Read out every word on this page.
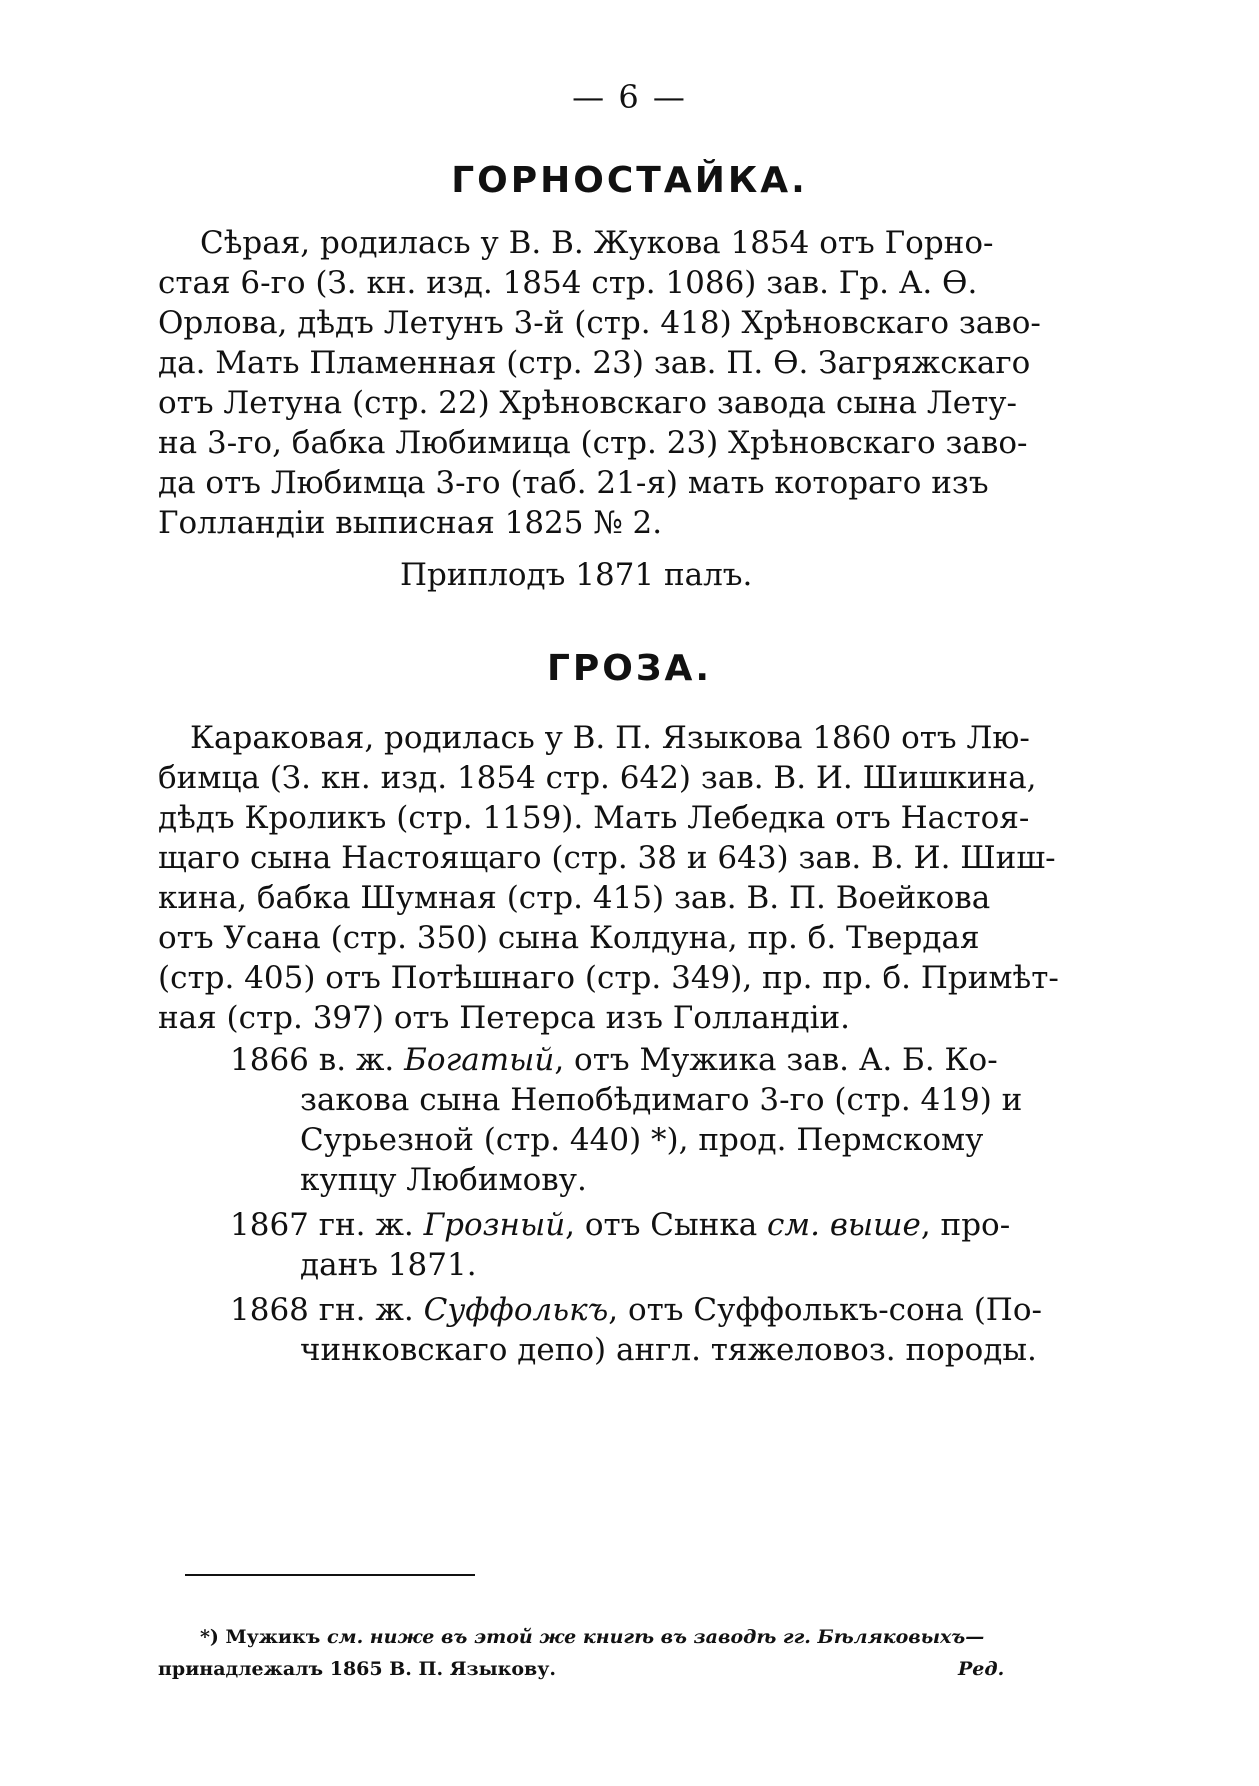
— 6 —
ГОРНОСТАЙКА.
Сѣрая, родилась у В. В. Жукова 1854 отъ Горно-
стая 6-го (З. кн. изд. 1854 стр. 1086) зав. Гр. А. Ѳ.
Орлова, дѣдъ Летунъ 3-й (стр. 418) Хрѣновскаго заво-
да. Мать Пламенная (стр. 23) зав. П. Ѳ. Загряжскаго
отъ Летуна (стр. 22) Хрѣновскаго завода сына Лету-
на 3-го, бабка Любимица (стр. 23) Хрѣновскаго заво-
да отъ Любимца 3-го (таб. 21-я) мать котораго изъ
Голландіи выписная 1825 № 2.
Приплодъ 1871 палъ.
ГРОЗА.
Караковая, родилась у В. П. Языкова 1860 отъ Лю-
бимца (З. кн. изд. 1854 стр. 642) зав. В. И. Шишкина,
дѣдъ Кроликъ (стр. 1159). Мать Лебедка отъ Настоя-
щаго сына Настоящаго (стр. 38 и 643) зав. В. И. Шиш-
кина, бабка Шумная (стр. 415) зав. В. П. Воейкова
отъ Усана (стр. 350) сына Колдуна, пр. б. Твердая
(стр. 405) отъ Потѣшнаго (стр. 349), пр. пр. б. Примѣт-
ная (стр. 397) отъ Петерса изъ Голландіи.
1866 в. ж. Богатый, отъ Мужика зав. А. Б. Ко-
закова сына Непобѣдимаго 3-го (стр. 419) и
Сурьезной (стр. 440) *), прод. Пермскому
купцу Любимову.
1867 гн. ж. Грозный, отъ Сынка см. выше, про-
данъ 1871.
1868 гн. ж. Суффолькъ, отъ Суффолькъ-сона (По-
чинковскаго депо) англ. тяжеловоз. породы.
*) Мужикъ см. ниже въ этой же книгѣ въ заводѣ гг. Бѣляковыхъ—
принадлежалъ 1865 В. П. Языкову.	Ред.
